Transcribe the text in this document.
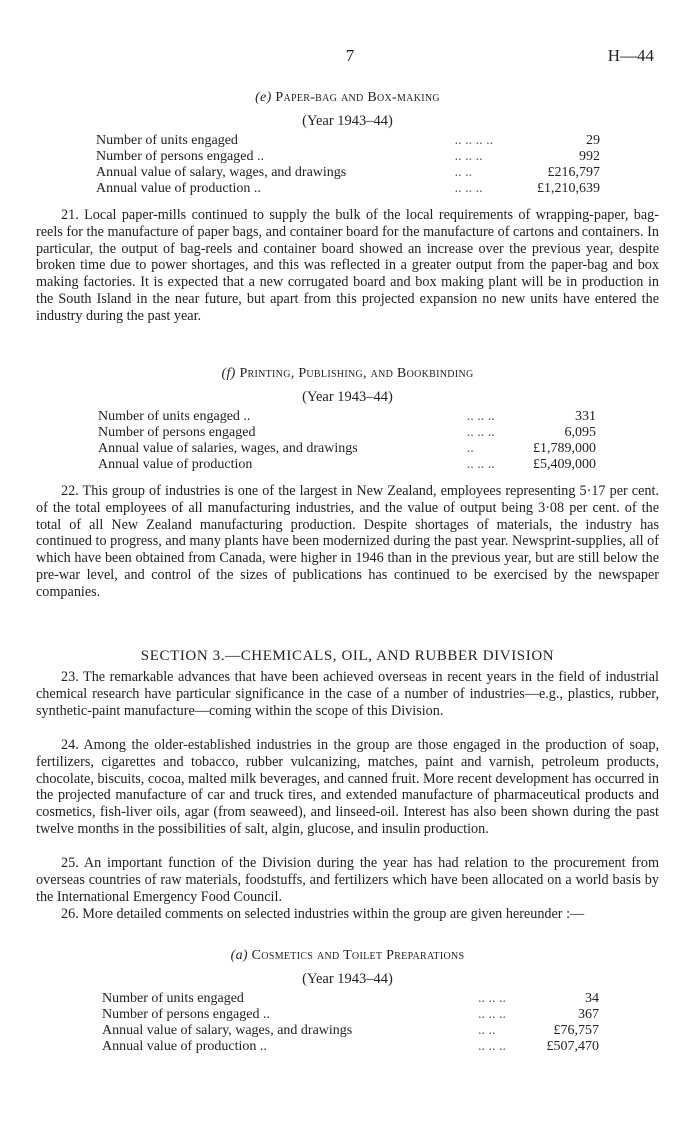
7	H—44
(e) Paper-bag and Box-making
(Year 1943–44)
Number of units engaged	.. .. .. ..	29
Number of persons engaged ..	.. .. ..	992
Annual value of salary, wages, and drawings	.. ..	£216,797
Annual value of production ..	.. .. ..	£1,210,639

21. Local paper-mills continued to supply the bulk of the local requirements of wrapping-paper, bag-reels for the manufacture of paper bags, and container board for the manufacture of cartons and containers. In particular, the output of bag-reels and container board showed an increase over the previous year, despite broken time due to power shortages, and this was reflected in a greater output from the paper-bag and box making factories. It is expected that a new corrugated board and box making plant will be in production in the South Island in the near future, but apart from this projected expansion no new units have entered the industry during the past year.

(f) Printing, Publishing, and Bookbinding
(Year 1943–44)
Number of units engaged ..	.. .. ..	331
Number of persons engaged	.. .. ..	6,095
Annual value of salaries, wages, and drawings	..	£1,789,000
Annual value of production	.. .. ..	£5,409,000

22. This group of industries is one of the largest in New Zealand, employees representing 5·17 per cent. of the total employees of all manufacturing industries, and the value of output being 3·08 per cent. of the total of all New Zealand manufacturing production. Despite shortages of materials, the industry has continued to progress, and many plants have been modernized during the past year. Newsprint-supplies, all of which have been obtained from Canada, were higher in 1946 than in the previous year, but are still below the pre-war level, and control of the sizes of publications has continued to be exercised by the newspaper companies.

SECTION 3.—CHEMICALS, OIL, AND RUBBER DIVISION

23. The remarkable advances that have been achieved overseas in recent years in the field of industrial chemical research have particular significance in the case of a number of industries—e.g., plastics, rubber, synthetic-paint manufacture—coming within the scope of this Division.

24. Among the older-established industries in the group are those engaged in the production of soap, fertilizers, cigarettes and tobacco, rubber vulcanizing, matches, paint and varnish, petroleum products, chocolate, biscuits, cocoa, malted milk beverages, and canned fruit. More recent development has occurred in the projected manufacture of car and truck tires, and extended manufacture of pharmaceutical products and cosmetics, fish-liver oils, agar (from seaweed), and linseed-oil. Interest has also been shown during the past twelve months in the possibilities of salt, algin, glucose, and insulin production.

25. An important function of the Division during the year has had relation to the procurement from overseas countries of raw materials, foodstuffs, and fertilizers which have been allocated on a world basis by the International Emergency Food Council.

26. More detailed comments on selected industries within the group are given hereunder :—

(a) Cosmetics and Toilet Preparations
(Year 1943–44)
Number of units engaged	.. .. ..	34
Number of persons engaged ..	.. .. ..	367
Annual value of salary, wages, and drawings	.. ..	£76,757
Annual value of production ..	.. .. ..	£507,470
